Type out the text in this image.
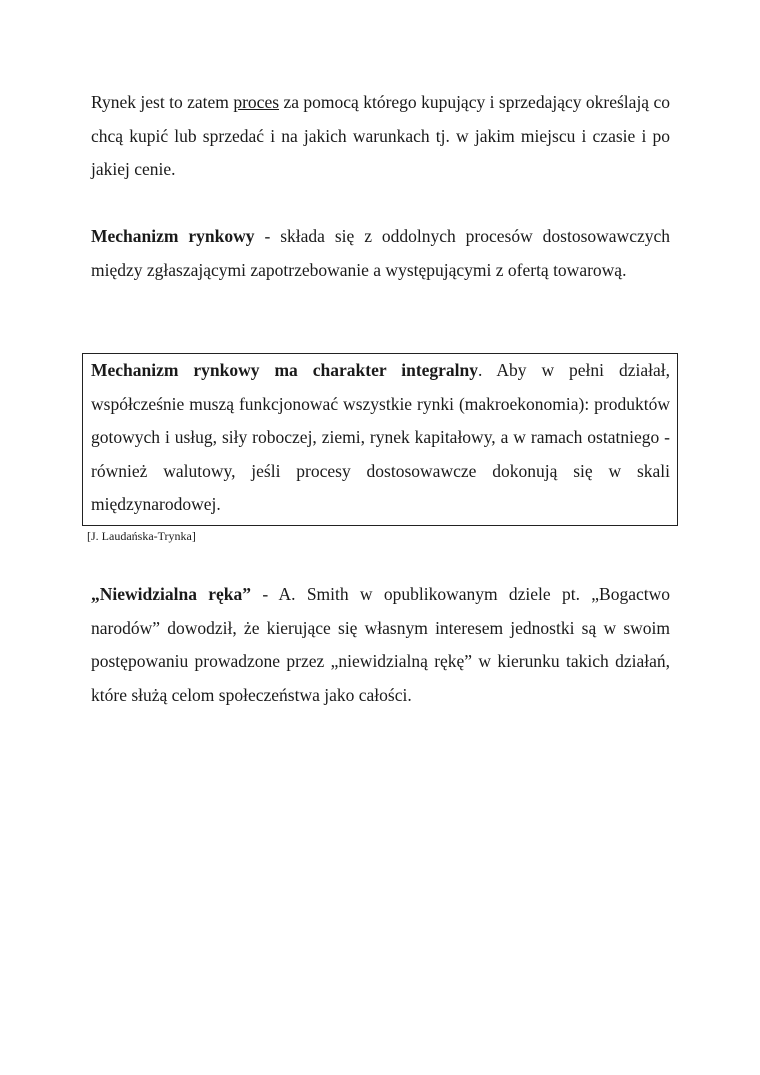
Rynek jest to zatem proces za pomocą którego kupujący i sprzedający określają co chcą kupić lub sprzedać i na jakich warunkach tj. w jakim miejscu i czasie i po jakiej cenie.

Mechanizm rynkowy - składa się z oddolnych procesów dostosowawczych między zgłaszającymi zapotrzebowanie a występującymi z ofertą towarową.

Mechanizm rynkowy ma charakter integralny. Aby w pełni działał, współcześnie muszą funkcjonować wszystkie rynki (makroekonomia): produktów gotowych i usług, siły roboczej, ziemi, rynek kapitałowy, a w ramach ostatniego - również walutowy, jeśli procesy dostosowawcze dokonują się w skali międzynarodowej.

[J. Laudańska-Trynka]

„Niewidzialna ręka” - A. Smith w opublikowanym dziele pt. „Bogactwo narodów” dowodził, że kierujące się własnym interesem jednostki są w swoim postępowaniu prowadzone przez „niewidzialną rękę” w kierunku takich działań, które służą celom społeczeństwa jako całości.
